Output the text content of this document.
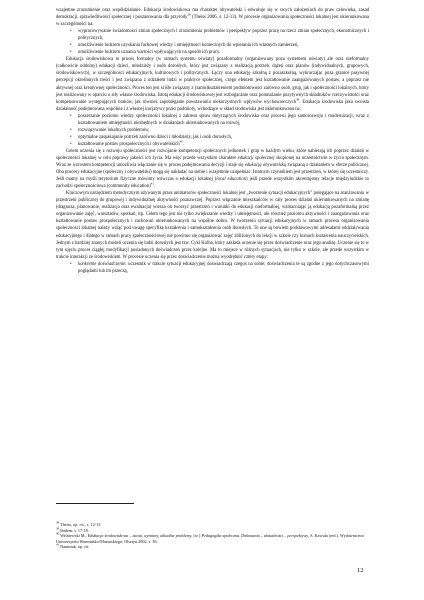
wzajemne zrozumienie oraz współdziałanie. Edukacja środowiskowa ma charakter obywatelski i odwołuje się w swych założeniach do praw człowieka, zasad demokracji, sprawiedliwości społecznej i poszanowania dla przyrody$^{38}$ (Theiss 2006, s. 12-13). W procesie organizowania społeczności lokalnej jest ukierunkowana w szczególności na:

•	wypracowywanie świadomości zmian społecznych i zrozumienia problemów i perspektyw poprzez pracę na rzecz zmian społecznych, ekonomicznych i politycznych,
•	umożliwienie ludziom uzyskania fachowej wiedzy i umiejętności koniecznych do wpierania ich własnych zamierzeń,
•	umożliwienie ludziom uznania wartości wpływających na sposób ich pracy.

Edukacja środowiskowa to proces formalny (w ramach systemu oświaty) pozaformalny (organizowany poza systemem oświaty) ale oraz nieformalny (całkowicie oddolny) edukacji dzieci, młodzieży i osób dorosłych, który jest związany z realizacją potrzeb, dążeń oraz planów (indywidualnych, grupowych, środowiskowych), w szczególności edukacyjnych, kulturowych i politycznych. Łączy ona edukację szkolną z pozaszkolną, wykraczając poza granice pasywnej percepcji określonych treści i jest związana z udziałem ludzi w praktyce społecznej, czego efektem jest kształtowanie zaangażowanych postaw, a poprzez nie aktywnej oraz kreatywnej społeczności. Proces ten jest ściśle związany z (samo)kształceniem podmiotowości zarówno osób, grup, jak i społeczności lokalnych, który jest realizowany w oparciu o siły własne środowiska. Istotą edukacji środowiskowej jest wzbogacanie oraz pomnażanie pozytywnych składników rzeczywistości oraz kompensowanie występujących braków, jak również zapobieganie powstawaniu niekorzystnych wpływów wychowawczych$^{39}$. Edukacja środowiska jako swoista działalność podejmowana wspólnie i z własnej inicjatywy przez podmioty, wchodzące w skład środowiska jest ukierunkowana na:

•	poszerzanie poziomu wiedzy społeczności lokalnej z zakresu spraw dotyczących środowiska oraz procesu jego samorozwoju i modernizacji, wraz z kształtowaniem umiejętności niezbędnych w działaniach ukierunkowanych na rozwój,
•	rozwiązywanie lokalnych problemów,
•	optymalne zaspakajanie potrzeb zarówno dzieci i młodzieży, jak i osób dorosłych,
•	kształtowanie postaw prospołecznych i obywatelskich$^{40}$.

Celem uczenia się z rozwoju społeczności jest rozwijanie kompetencji społecznych jednostek i grup w każdym wieku, które nabierają ich poprzez działań w społeczności lokalnej w celu poprawy jakości ich życia. Ma więc przede wszystkim charakter edukacji społecznej skupionej na uczestnictwie w życiu społecznym. Wraz ze wzrostem kompetencji umożliwia włączanie się w proces podejmowania decyzji i staje się edukacją obywatelską związaną z działaniem w sferze publicznej. Oba procesy edukacyjne (społeczny i obywatelski) mogą się nakładać na siebie i wzajemnie uzupełniać. Istotnym czynnikiem jest przestrzeń, w której się uczestniczy. Jeśli mamy na myśli terytorium fizyczne mówimy wówczas o edukacji lokalnej (local education) jeśli przede wszystkim akcentujemy relacje międzyludzkie to zachodzi społecznościowa (community education)$^{41}$.

Kluczowym narzędziem metodycznym używanym przez animatorów społeczności lokalnej jest „tworzenie sytuacji edukacyjnych” polegające na aranżowaniu w przestrzeni publicznej do grupowej i indywidualnej aktywności poznawczej. Poprzez włączanie mieszkańców w cały proces działań ukierunkowanych na zmianę (diagnoza, planowanie, realizacja oraz ewaluacja) wiesza on tworzyć przestrzeń i warunki do edukacji nieformalnej, wzmacniając ją edukacją pozaformalną przez organizowanie zajęć, warsztatów, spotkań, itp. Celem tego jest nie tylko zwiększanie wiedzy i umiejętności, ale również poziomu aktywności i zaangażowania oraz kształtowanie postaw prospołecznych i zachowań ukierunkowanych na wspólne dobro. W tworzeniu sytuacji edukacyjnych w ramach procesu organizowania społeczności lokalnej należy wziąć pod uwagę specyfikę kształcenia i samokształcenia osób dorosłych. To one są bowiem podstawowymi adresatami oddziaływania edukacyjnego i dlatego w ramach pracy społecznościowej nie powinno się organizować zajęć zbliżonych do lekcji w szkole czy kursach kształcenia nauczycielskich. Jednym z bardziej znanych modeli uczenia się ludzi dorosłych jest tzw. Cykl Kolba, który zakłada uczenie się przez doświadczenie oraz jego analizę. Uczenie się to w tym ujęciu proces ciągłej modyfikacji posiadanych doświadczeń przez kolejne. Ma to miejsce w różnych sytuacjach, nie tylko w szkole, ale przede wszystkim w trakcie interakcji ze środowiskiem. W procesie uczenia się przez doświadczenie można wyodrębnić cztery etapy:

•	konkretne doświadczenie: uczestnik w trakcie sytuacji edukacyjnej doświadczają czegoś na sobie; doświadczenia te są zgodne z jego dotychczasowymi poglądami lub im przeczą,

$^{38}$ Theiss, op. cit., s. 12-13.

$^{39}$ Ibidem, s. 17-18.

$^{40}$ Wiśniewski M., Edukacja środowiskowa – istota, wymiary, aktualne problemy, [w:] Pedagogika społeczna. Dokonania – aktualności – perspektywy, S. Kawula (red.), Wydawnictwo Uniwersytetu Warmińsko-Mazurskiego, Olsztyn 2002, s. 36.

$^{41}$ Naumiuk, op. cit.

12
